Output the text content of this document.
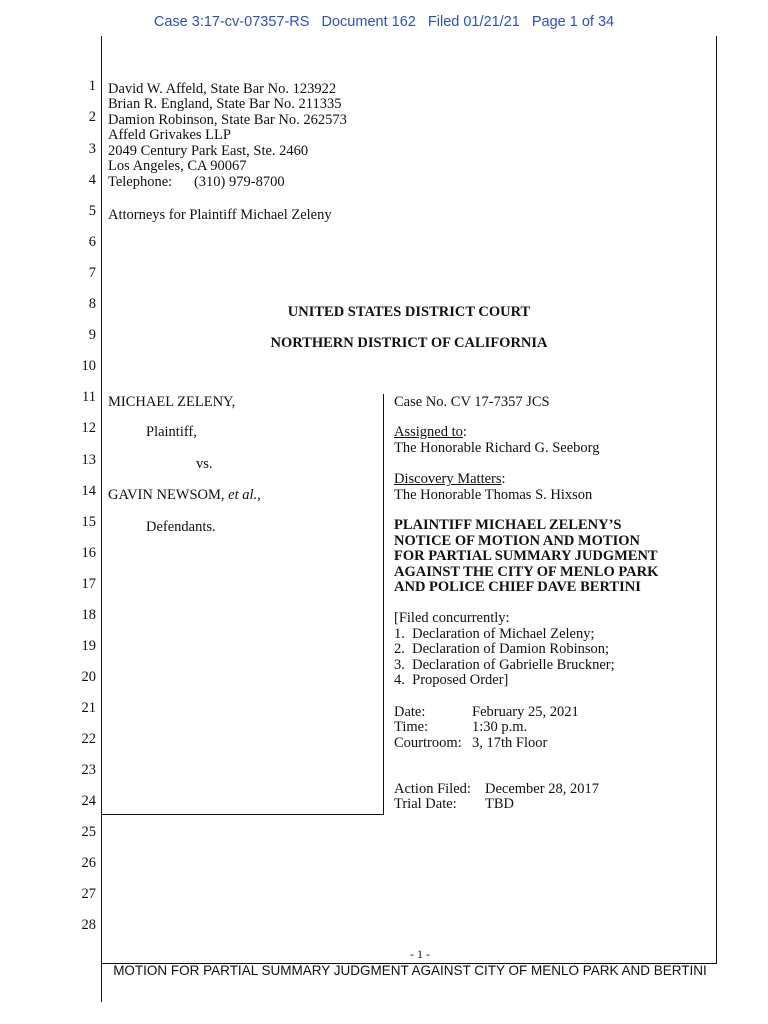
Case 3:17-cv-07357-RS   Document 162   Filed 01/21/21   Page 1 of 34
1
2
3
4
5
6
7
8
9
10
11
12
13
14
15
16
17
18
19
20
21
22
23
24
25
26
27
28
David W. Affeld, State Bar No. 123922
Brian R. England, State Bar No. 211335
Damion Robinson, State Bar No. 262573
Affeld Grivakes LLP
2049 Century Park East, Ste. 2460
Los Angeles, CA 90067
Telephone:      (310) 979-8700
Attorneys for Plaintiff Michael Zeleny
UNITED STATES DISTRICT COURT
NORTHERN DISTRICT OF CALIFORNIA
MICHAEL ZELENY,
Plaintiff,
vs.
GAVIN NEWSOM, et al.,
Defendants.
Case No. CV 17-7357 JCS
Assigned to:
The Honorable Richard G. Seeborg
Discovery Matters:
The Honorable Thomas S. Hixson
PLAINTIFF MICHAEL ZELENY’S
NOTICE OF MOTION AND MOTION
FOR PARTIAL SUMMARY JUDGMENT
AGAINST THE CITY OF MENLO PARK
AND POLICE CHIEF DAVE BERTINI
[Filed concurrently:
1.  Declaration of Michael Zeleny;
2.  Declaration of Damion Robinson;
3.  Declaration of Gabrielle Bruckner;
4.  Proposed Order]
Date:	February 25, 2021
Time:	1:30 p.m.
Courtroom: 3, 17th Floor
Action Filed: December 28, 2017
Trial Date: TBD
- 1 -
MOTION FOR PARTIAL SUMMARY JUDGMENT AGAINST CITY OF MENLO PARK AND BERTINI
